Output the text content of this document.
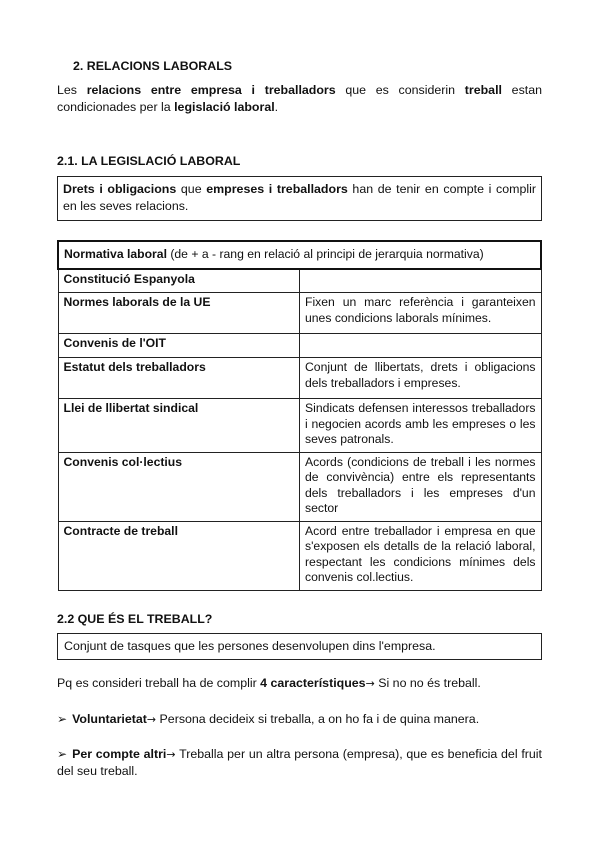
2. RELACIONS LABORALS
Les relacions entre empresa i treballadors que es considerin treball estan condicionades per la legislació laboral.
2.1. LA LEGISLACIÓ LABORAL
Drets i obligacions que empreses i treballadors han de tenir en compte i complir en les seves relacions.
Normativa laboral (de + a - rang en relació al principi de jerarquia normativa)	
Constitució Espanyola	
Normes laborals de la UE	Fixen un marc referència i garanteixen unes condicions laborals mínimes.
Convenis de l'OIT	
Estatut dels treballadors	Conjunt de llibertats, drets i obligacions dels treballadors i empreses.
Llei de llibertat sindical	Sindicats defensen interessos treballadors i negocien acords amb les empreses o les seves patronals.
Convenis col·lectius	Acords (condicions de treball i les normes de convivència) entre els representants dels treballadors i les empreses d'un sector
Contracte de treball	Acord entre treballador i empresa en que s'exposen els detalls de la relació laboral, respectant les condicions mínimes dels convenis col.lectius.
2.2 QUE ÉS EL TREBALL?
Conjunt de tasques que les persones desenvolupen dins l'empresa.
Pq es consideri treball ha de complir 4 característiques→ Si no no és treball.
➢ Voluntarietat→ Persona decideix si treballa, a on ho fa i de quina manera.
➢ Per compte altri→ Treballa per un altra persona (empresa), que es beneficia del fruit del seu treball.
